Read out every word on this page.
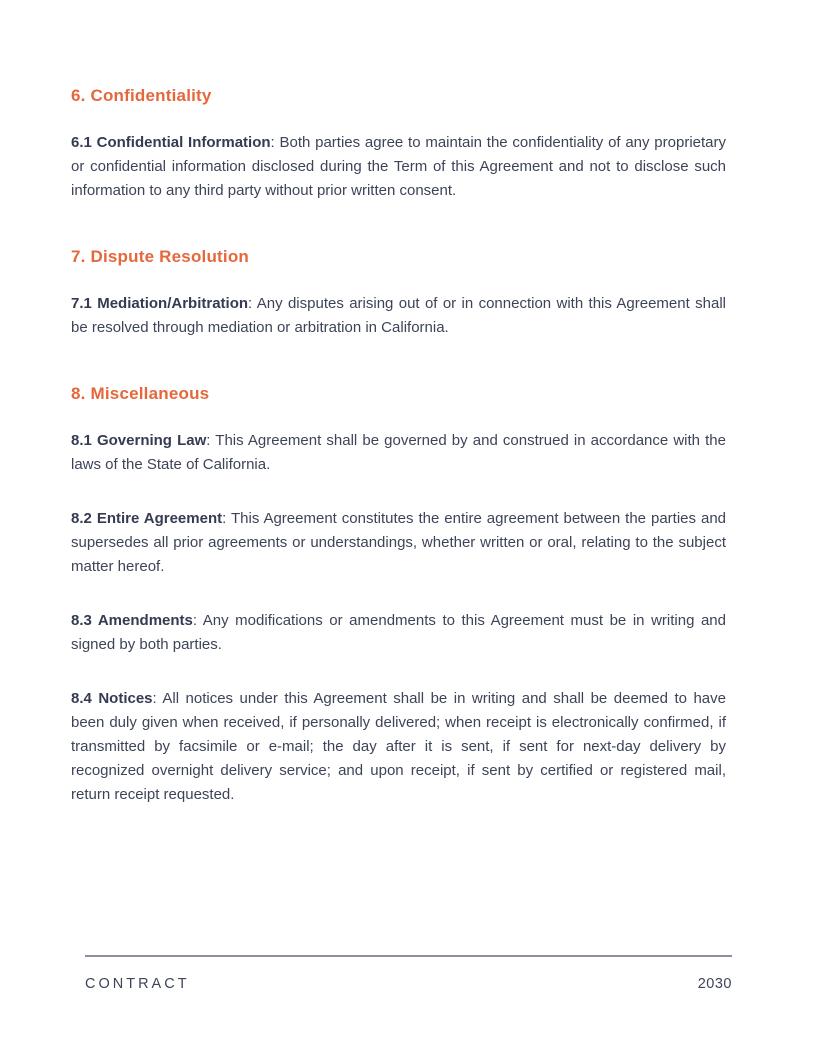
6. Confidentiality

6.1 Confidential Information: Both parties agree to maintain the confidentiality of any proprietary or confidential information disclosed during the Term of this Agreement and not to disclose such information to any third party without prior written consent.

7. Dispute Resolution

7.1 Mediation/Arbitration: Any disputes arising out of or in connection with this Agreement shall be resolved through mediation or arbitration in California.

8. Miscellaneous

8.1 Governing Law: This Agreement shall be governed by and construed in accordance with the laws of the State of California.

8.2 Entire Agreement: This Agreement constitutes the entire agreement between the parties and supersedes all prior agreements or understandings, whether written or oral, relating to the subject matter hereof.

8.3 Amendments: Any modifications or amendments to this Agreement must be in writing and signed by both parties.

8.4 Notices: All notices under this Agreement shall be in writing and shall be deemed to have been duly given when received, if personally delivered; when receipt is electronically confirmed, if transmitted by facsimile or e-mail; the day after it is sent, if sent for next-day delivery by recognized overnight delivery service; and upon receipt, if sent by certified or registered mail, return receipt requested.

CONTRACT	2030
